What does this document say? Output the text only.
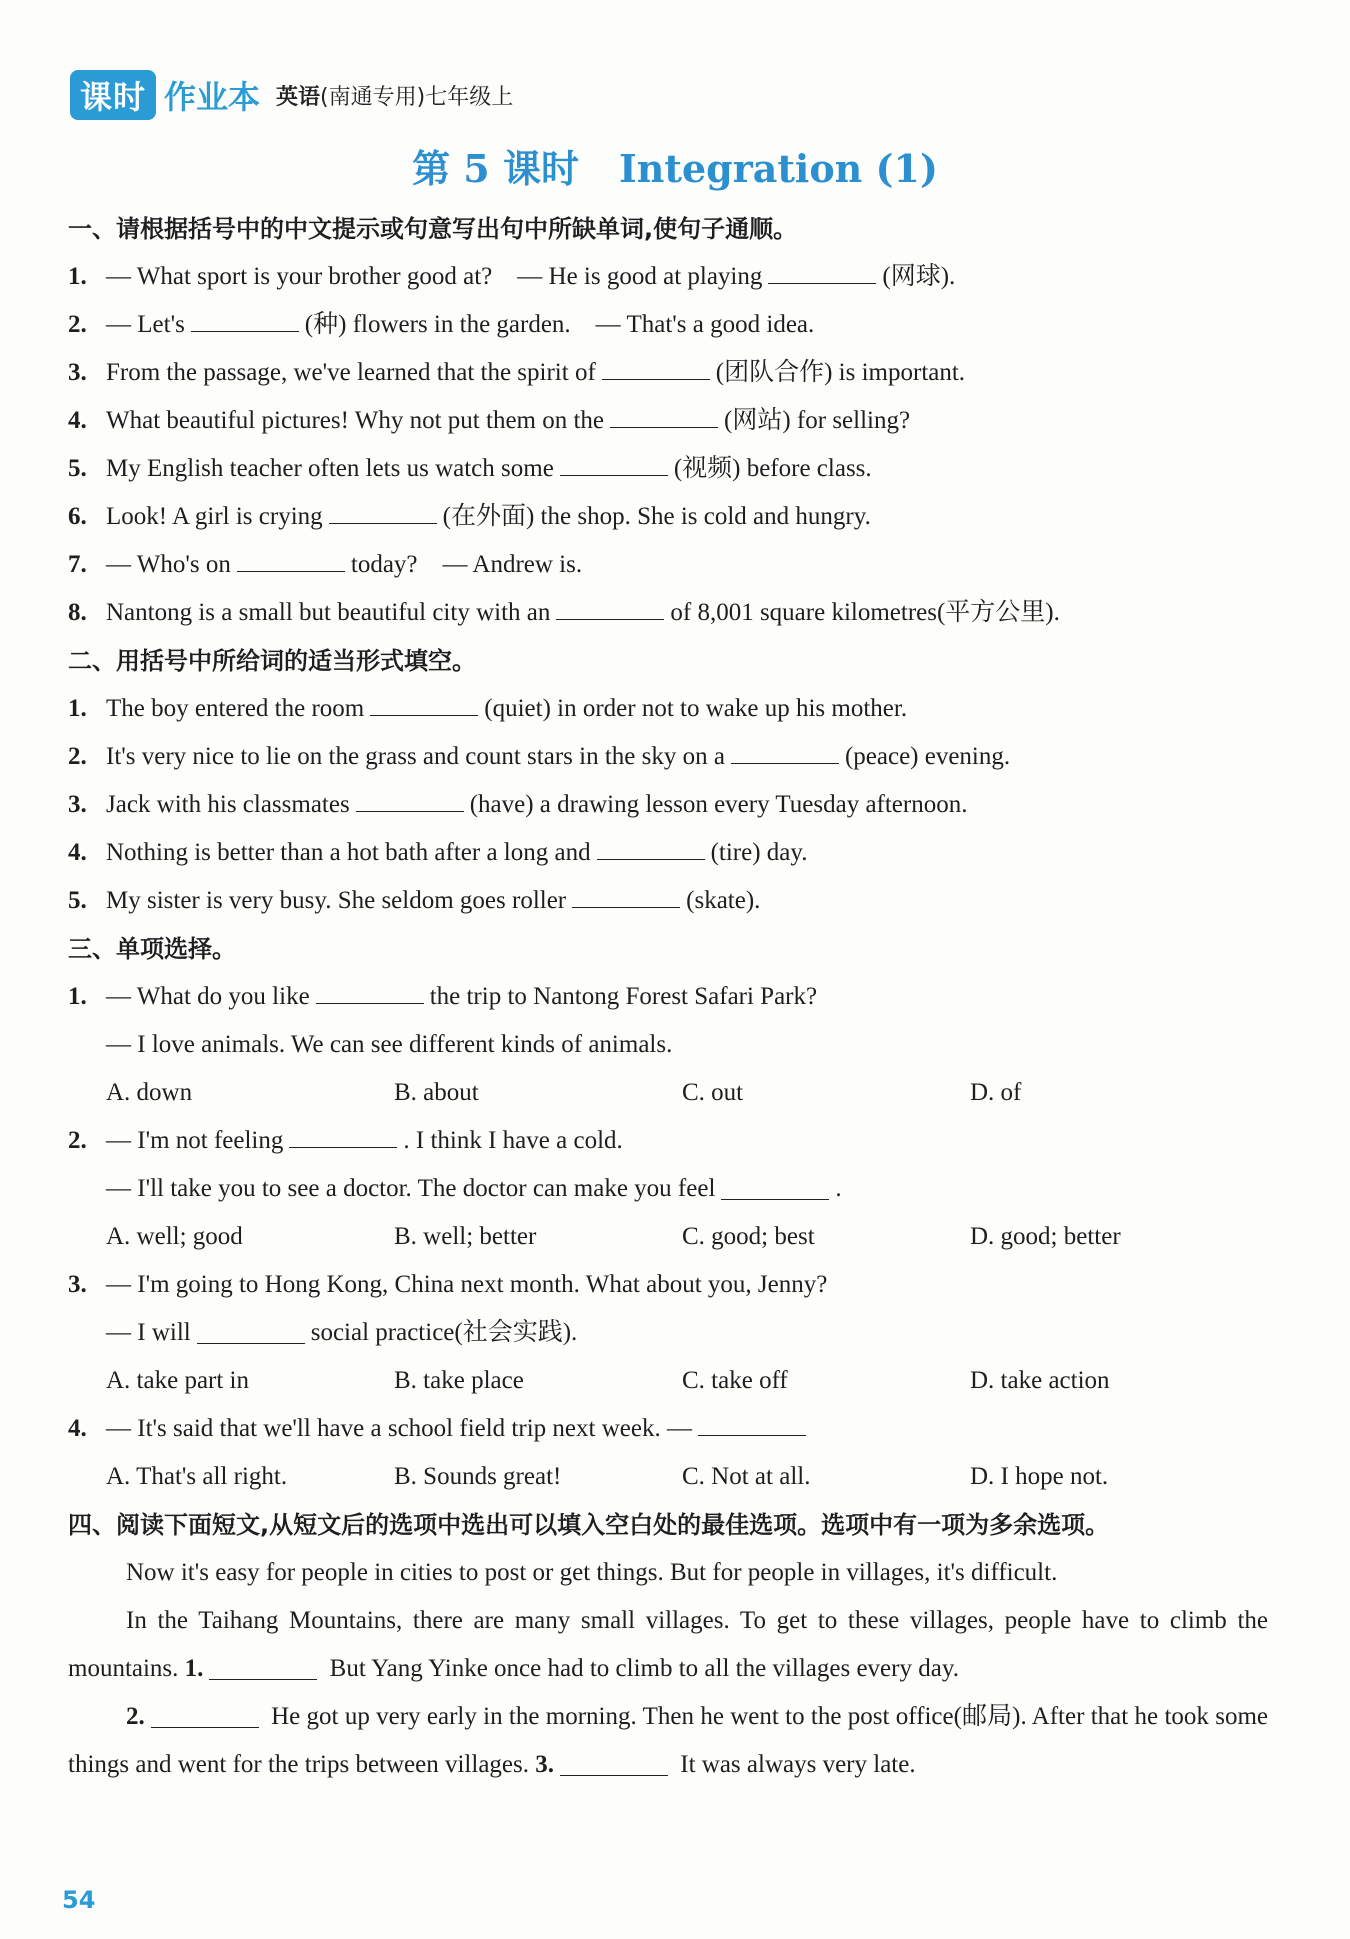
课时 作业本 英语(南通专用)七年级上
第 5 课时 Integration (1)
一、请根据括号中的中文提示或句意写出句中所缺单词,使句子通顺。
1. — What sport is your brother good at?    — He is good at playing	(网球).
2. — Let's	(种) flowers in the garden.    — That's a good idea.
3. From the passage, we've learned that the spirit of	(团队合作) is important.
4. What beautiful pictures! Why not put them on the	(网站) for selling?
5. My English teacher often lets us watch some	(视频) before class.
6. Look! A girl is crying	(在外面) the shop. She is cold and hungry.
7. — Who's on	today?    — Andrew is.
8. Nantong is a small but beautiful city with an	of 8,001 square kilometres(平方公里).
二、用括号中所给词的适当形式填空。
1. The boy entered the room	(quiet) in order not to wake up his mother.
2. It's very nice to lie on the grass and count stars in the sky on a	(peace) evening.
3. Jack with his classmates	(have) a drawing lesson every Tuesday afternoon.
4. Nothing is better than a hot bath after a long and	(tire) day.
5. My sister is very busy. She seldom goes roller	(skate).
三、单项选择。
1. — What do you like	the trip to Nantong Forest Safari Park?
— I love animals. We can see different kinds of animals.
A. down	B. about	C. out	D. of
2. — I'm not feeling	. I think I have a cold.
— I'll take you to see a doctor. The doctor can make you feel	.
A. well; good	B. well; better	C. good; best	D. good; better
3. — I'm going to Hong Kong, China next month. What about you, Jenny?
— I will	social practice(社会实践).
A. take part in	B. take place	C. take off	D. take action
4. — It's said that we'll have a school field trip next week. —
A. That's all right.	B. Sounds great!	C. Not at all.	D. I hope not.
四、阅读下面短文,从短文后的选项中选出可以填入空白处的最佳选项。选项中有一项为多余选项。
Now it's easy for people in cities to post or get things. But for people in villages, it's difficult.
In the Taihang Mountains, there are many small villages. To get to these villages, people have to climb the mountains. 1.	But Yang Yinke once had to climb to all the villages every day.
2.	He got up very early in the morning. Then he went to the post office(邮局). After that he took some things and went for the trips between villages. 3.	It was always very late.
54
